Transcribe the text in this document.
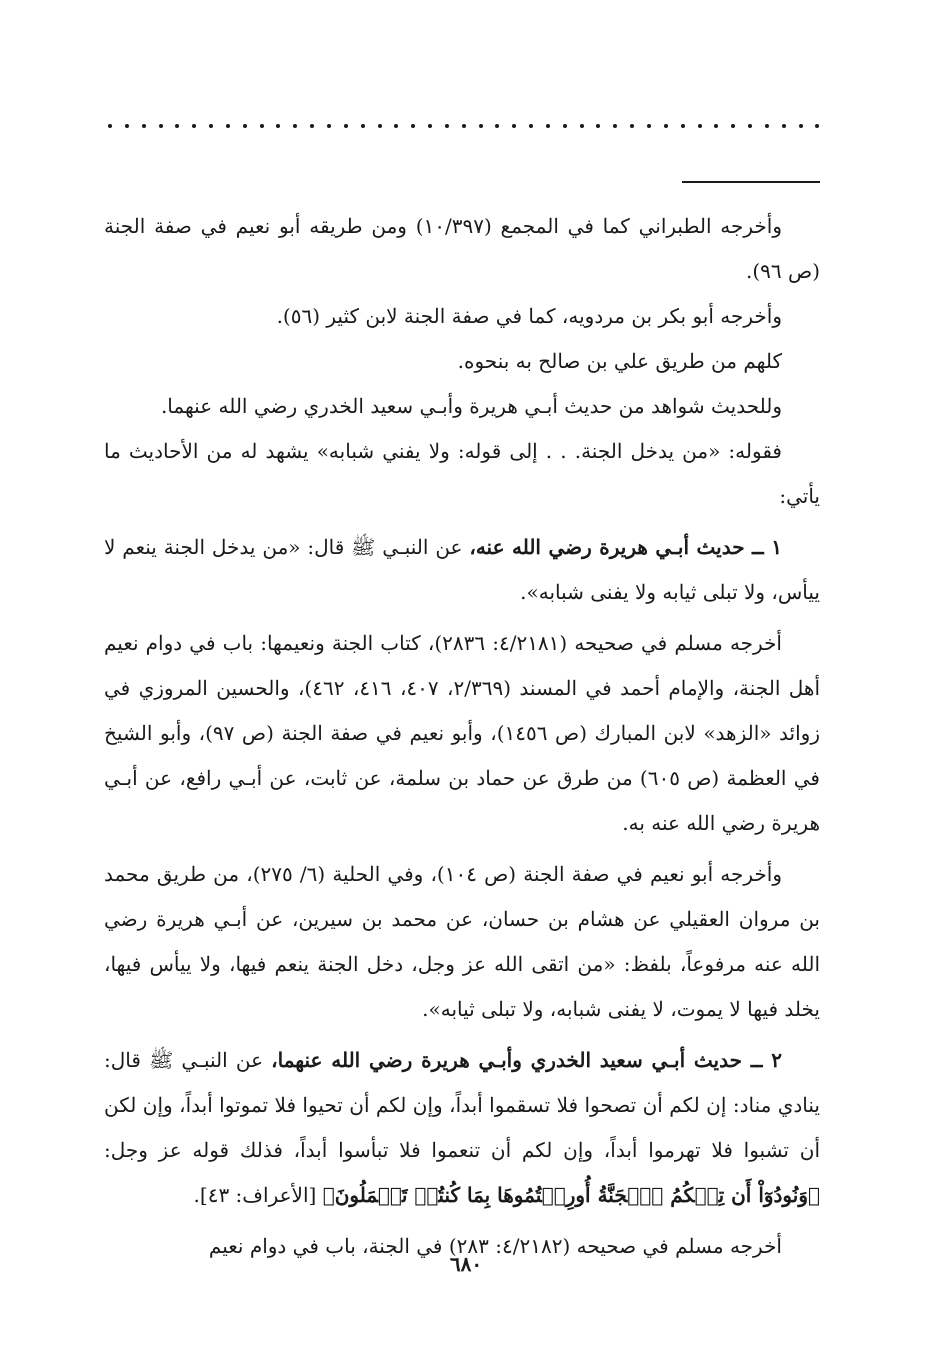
وأخرجه الطبراني كما في المجمع (١٠/٣٩٧) ومن طريقه أبو نعيم في صفة الجنة (ص ٩٦).

وأخرجه أبو بكر بن مردويه، كما في صفة الجنة لابن كثير (٥٦).

كلهم من طريق علي بن صالح به بنحوه.

وللحديث شواهد من حديث أبـي هريرة وأبـي سعيد الخدري رضي الله عنهما.

فقوله: «من يدخل الجنة. . . إلى قوله: ولا يفني شبابه» يشهد له من الأحاديث ما يأتي:

١ ــ حديث أبـي هريرة رضي الله عنه، عن النبـي ﷺ قال: «من يدخل الجنة ينعم لا ييأس، ولا تبلى ثيابه ولا يفنى شبابه».

أخرجه مسلم في صحيحه (٤/٢١٨١: ٢٨٣٦)، كتاب الجنة ونعيمها: باب في دوام نعيم أهل الجنة، والإمام أحمد في المسند (٢/٣٦٩، ٤٠٧، ٤١٦، ٤٦٢)، والحسين المروزي في زوائد «الزهد» لابن المبارك (ص ١٤٥٦)، وأبو نعيم في صفة الجنة (ص ٩٧)، وأبو الشيخ في العظمة (ص ٦٠٥) من طرق عن حماد بن سلمة، عن ثابت، عن أبـي رافع، عن أبـي هريرة رضي الله عنه به.

وأخرجه أبو نعيم في صفة الجنة (ص ١٠٤)، وفي الحلية (٦/ ٢٧٥)، من طريق محمد بن مروان العقيلي عن هشام بن حسان، عن محمد بن سيرين، عن أبـي هريرة رضي الله عنه مرفوعاً، بلفظ: «من اتقى الله عز وجل، دخل الجنة ينعم فيها، ولا ييأس فيها، يخلد فيها لا يموت، لا يفنى شبابه، ولا تبلى ثيابه».

٢ ــ حديث أبـي سعيد الخدري وأبـي هريرة رضي الله عنهما، عن النبـي ﷺ قال: ينادي مناد: إن لكم أن تصحوا فلا تسقموا أبداً، وإن لكم أن تحيوا فلا تموتوا أبداً، وإن لكن أن تشبوا فلا تهرموا أبداً، وإن لكم أن تنعموا فلا تبأسوا أبداً، فذلك قوله عز وجل: ﴿وَنُودُوٓاْ أَن تِلۡكُمُ ٱلۡجَنَّةُ أُورِثۡتُمُوهَا بِمَا كُنتُمۡ تَعۡمَلُونَ﴾ [الأعراف: ٤٣].

أخرجه مسلم في صحيحه (٤/٢١٨٢: ٢٨٣) في الجنة، باب في دوام نعيم

٦٨٠
